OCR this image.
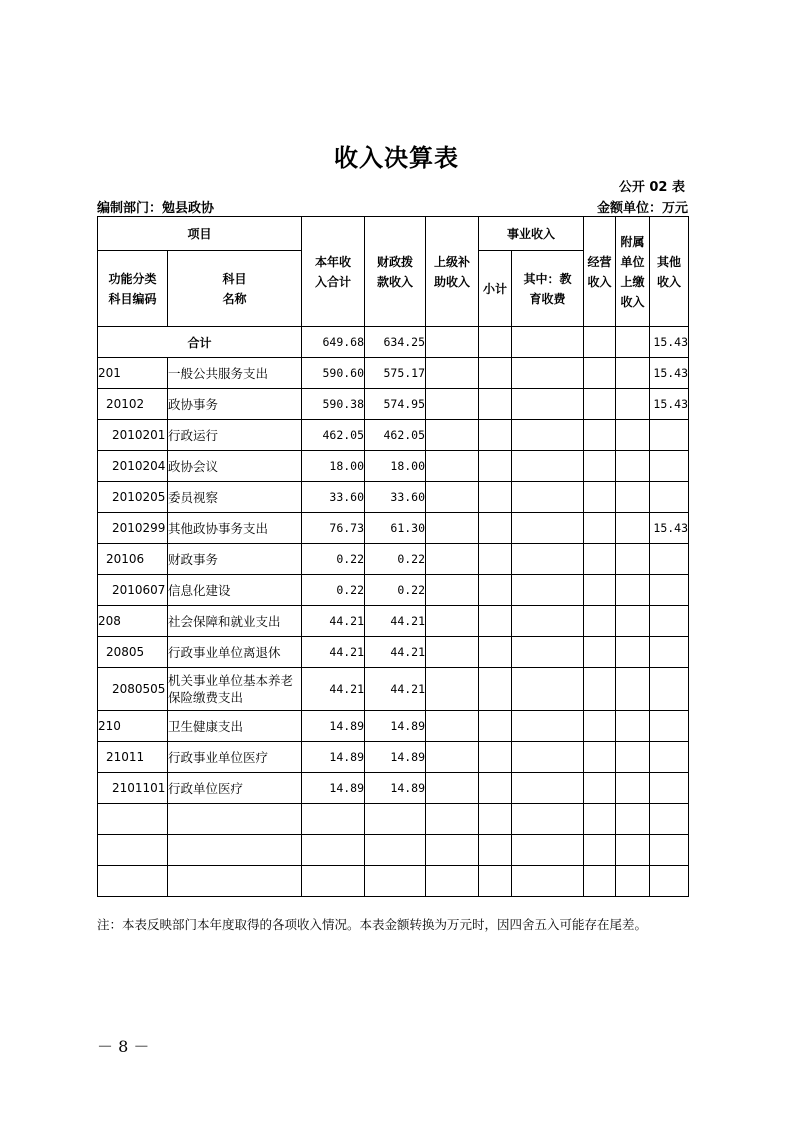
收入决算表
公开 02 表
编制部门：勉县政协	金额单位：万元
项目		本年收入合计	财政拨款收入	上级补助收入	事业收入		经营收入	附属单位上缴收入	其他收入

功能分类科目编码	科目名称				小计	其中：教育收费			

合计		649.68	634.25						15.43
201	一般公共服务支出	590.60	575.17						15.43
20102	政协事务	590.38	574.95						15.43
2010201	行政运行	462.05	462.05						
2010204	政协会议	18.00	18.00						
2010205	委员视察	33.60	33.60						
2010299	其他政协事务支出	76.73	61.30						15.43
20106	财政事务	0.22	0.22						
2010607	信息化建设	0.22	0.22						
208	社会保障和就业支出	44.21	44.21						
20805	行政事业单位离退休	44.21	44.21						
2080505	机关事业单位基本养老保险缴费支出	44.21	44.21						
210	卫生健康支出	14.89	14.89						
21011	行政事业单位医疗	14.89	14.89						
2101101	行政单位医疗	14.89	14.89						

注：本表反映部门本年度取得的各项收入情况。本表金额转换为万元时，因四舍五入可能存在尾差。
－ 8 －
